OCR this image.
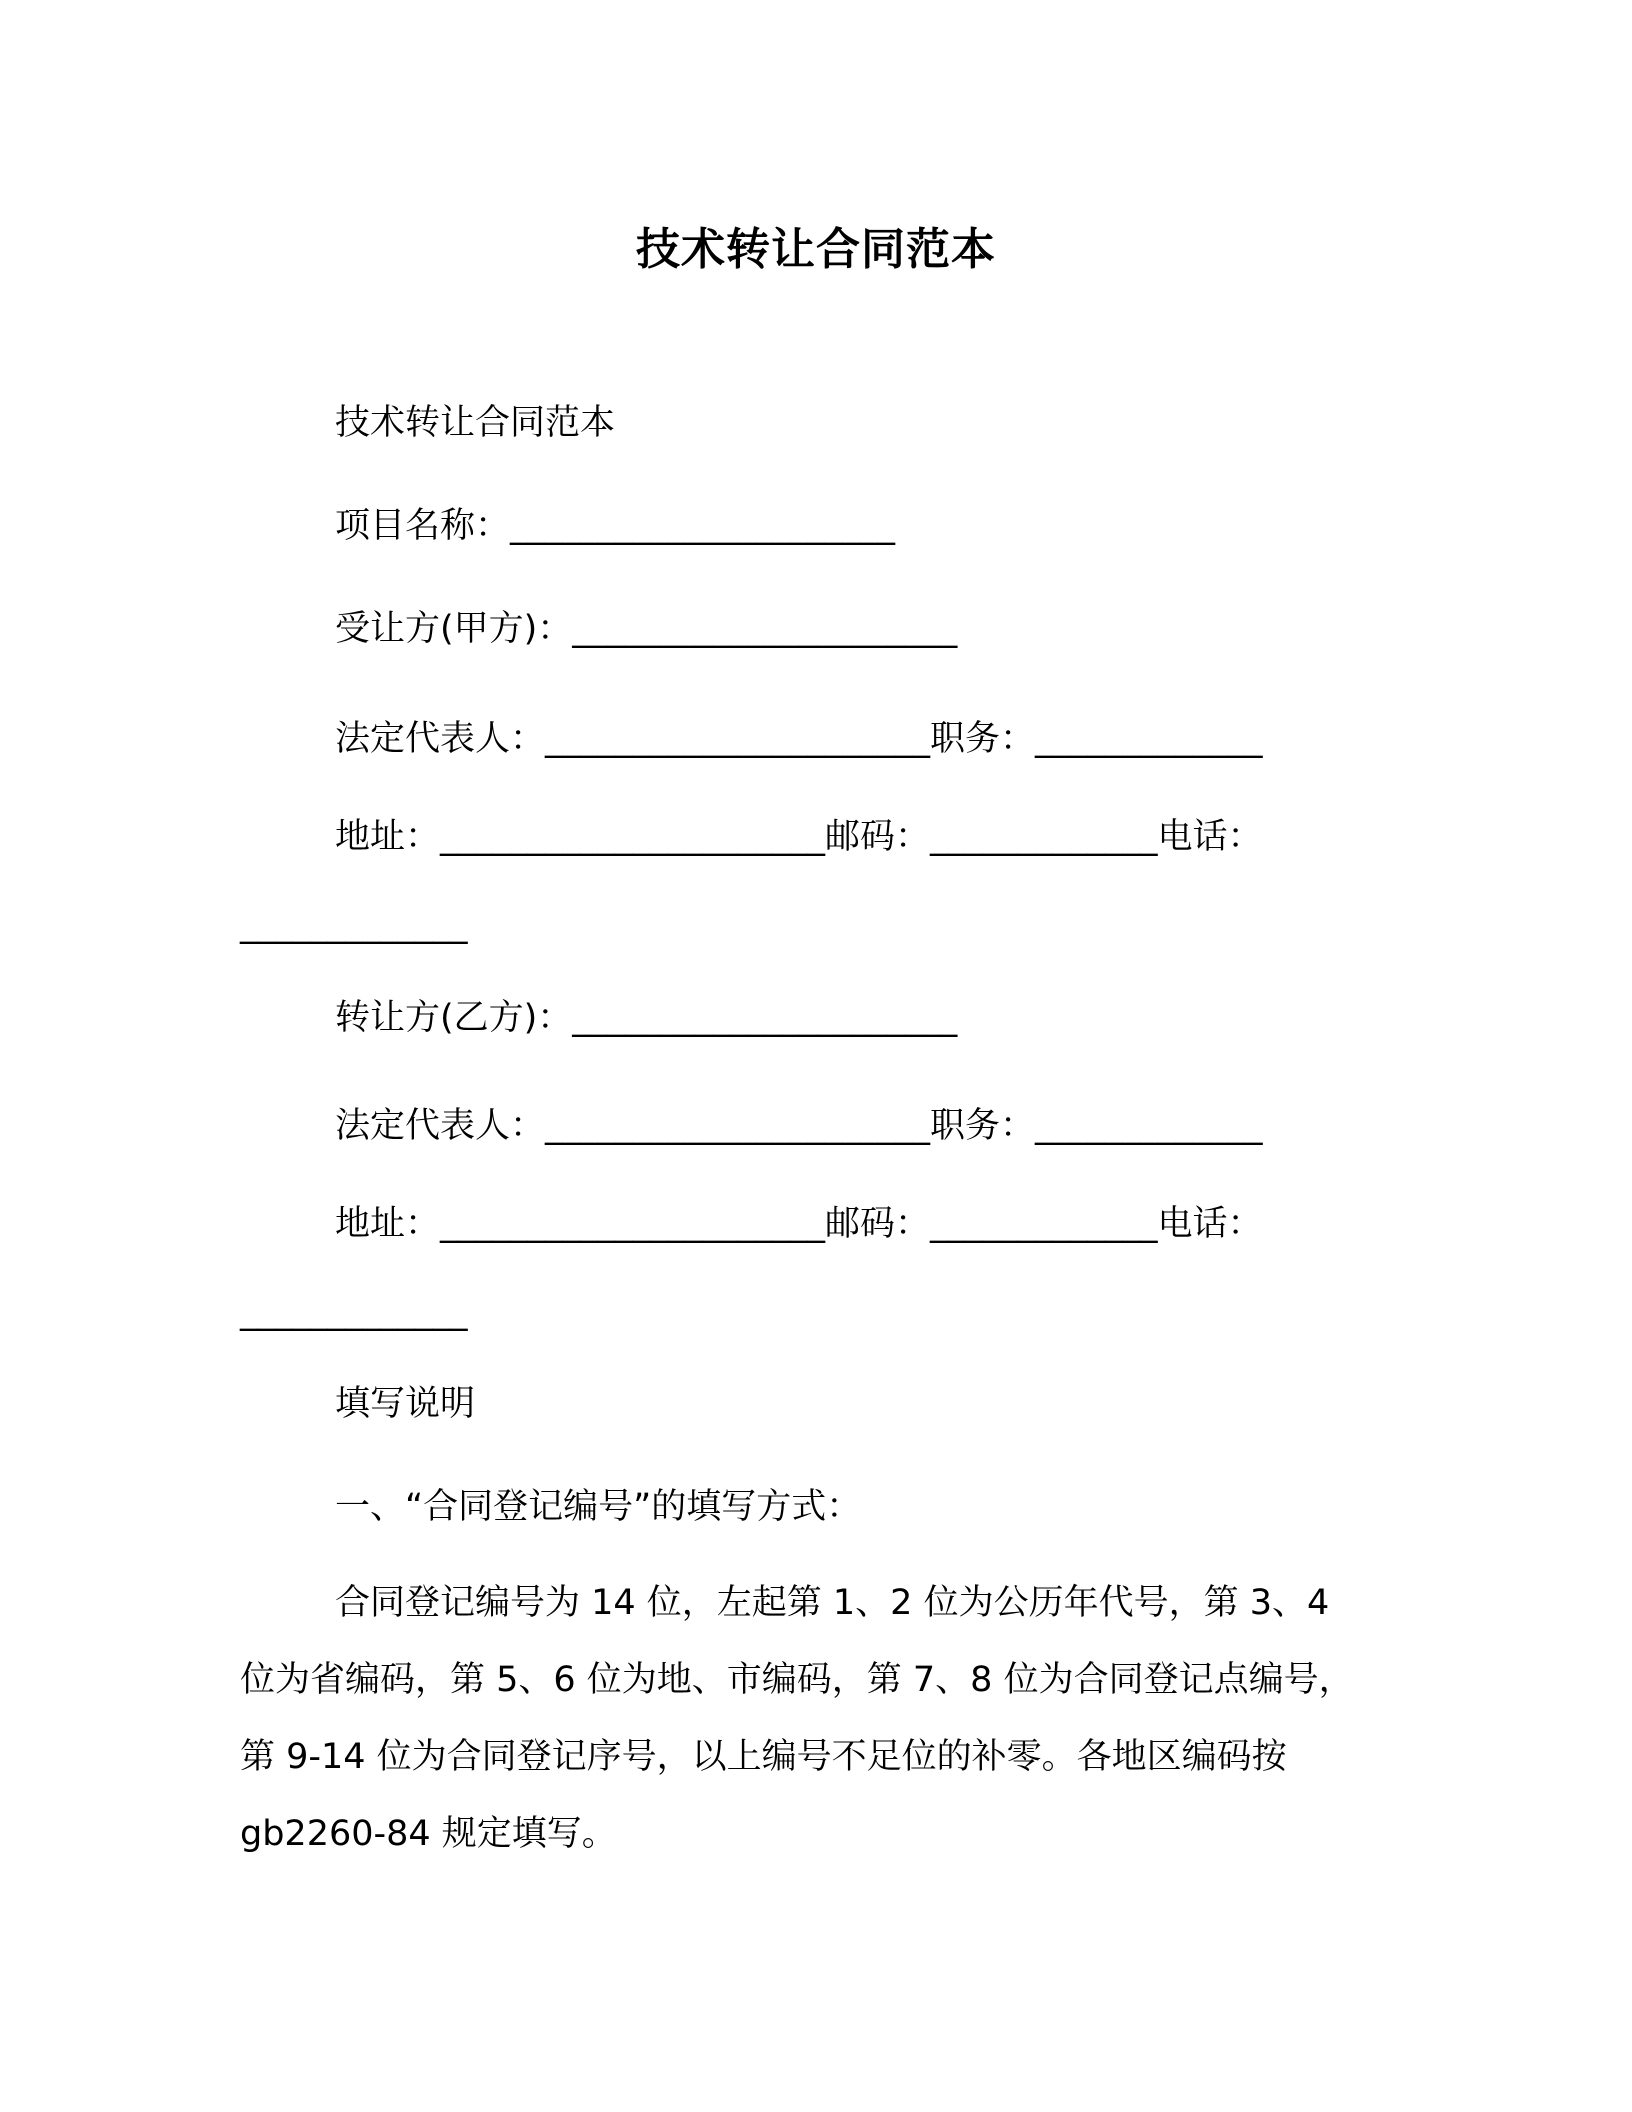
技术转让合同范本
技术转让合同范本
项目名称：______________________
受让方(甲方)：______________________
法定代表人：______________________职务：_____________
地址：______________________邮码：_____________电话：
_____________
转让方(乙方)：______________________
法定代表人：______________________职务：_____________
地址：______________________邮码：_____________电话：
_____________
填写说明
一、“合同登记编号”的填写方式：
合同登记编号为 14 位，左起第 1、2 位为公历年代号，第 3、4
位为省编码，第 5、6 位为地、市编码，第 7、8 位为合同登记点编号，
第 9-14 位为合同登记序号，以上编号不足位的补零。各地区编码按
gb2260-84 规定填写。
